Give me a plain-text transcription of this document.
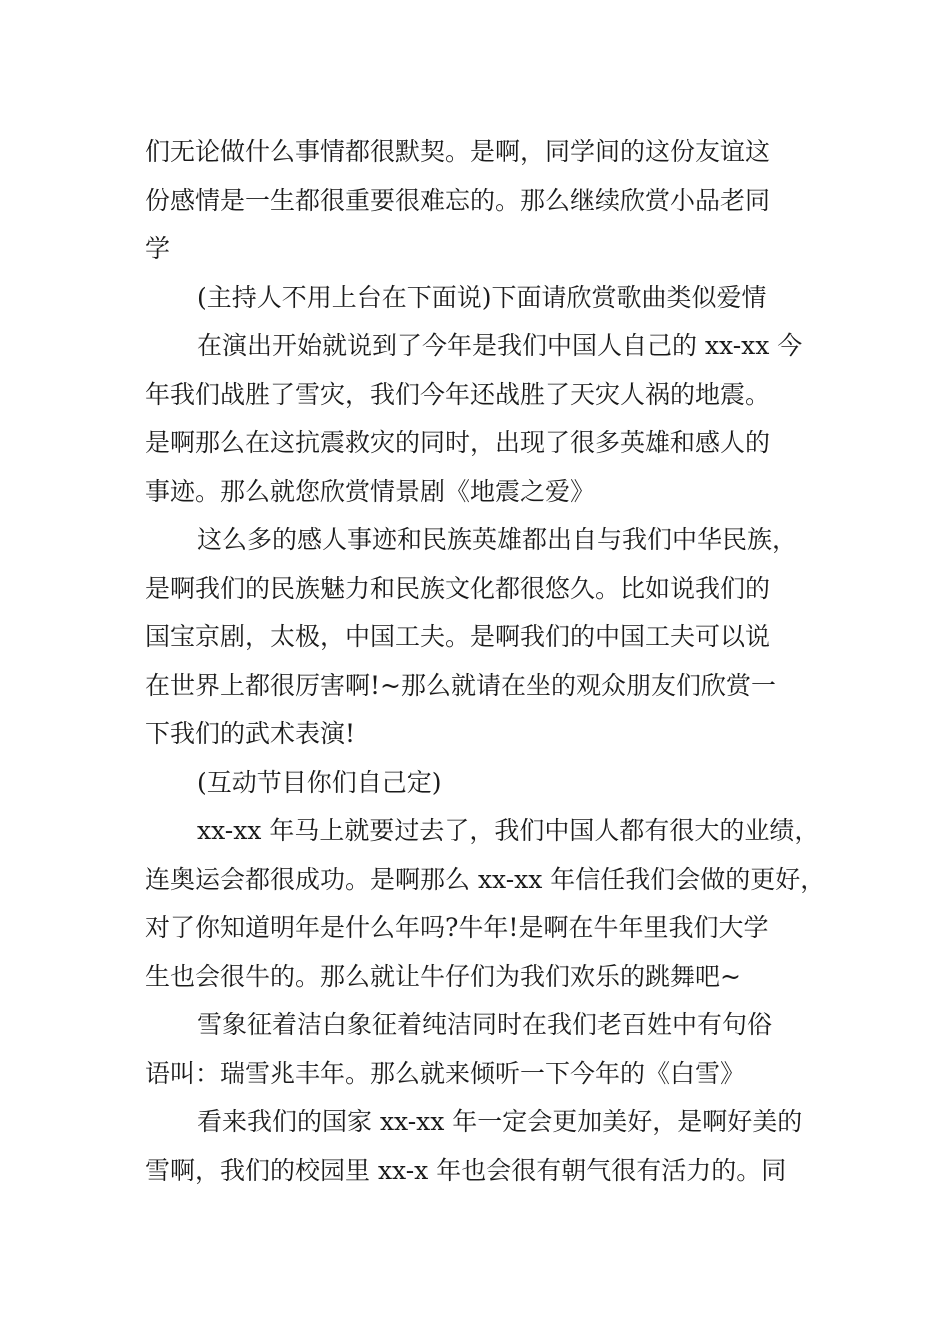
们无论做什么事情都很默契。是啊，同学间的这份友谊这
份感情是一生都很重要很难忘的。那么继续欣赏小品老同
学
(主持人不用上台在下面说)下面请欣赏歌曲类似爱情
在演出开始就说到了今年是我们中国人自己的 xx-xx 今
年我们战胜了雪灾，我们今年还战胜了天灾人祸的地震。
是啊那么在这抗震救灾的同时，出现了很多英雄和感人的
事迹。那么就您欣赏情景剧《地震之爱》
这么多的感人事迹和民族英雄都出自与我们中华民族，
是啊我们的民族魅力和民族文化都很悠久。比如说我们的
国宝京剧，太极，中国工夫。是啊我们的中国工夫可以说
在世界上都很厉害啊!~那么就请在坐的观众朋友们欣赏一
下我们的武术表演!
(互动节目你们自己定)
xx-xx 年马上就要过去了，我们中国人都有很大的业绩，
连奥运会都很成功。是啊那么 xx-xx 年信任我们会做的更好，
对了你知道明年是什么年吗?牛年!是啊在牛年里我们大学
生也会很牛的。那么就让牛仔们为我们欢乐的跳舞吧~
雪象征着洁白象征着纯洁同时在我们老百姓中有句俗
语叫：瑞雪兆丰年。那么就来倾听一下今年的《白雪》
看来我们的国家 xx-xx 年一定会更加美好，是啊好美的
雪啊，我们的校园里 xx-x 年也会很有朝气很有活力的。同
